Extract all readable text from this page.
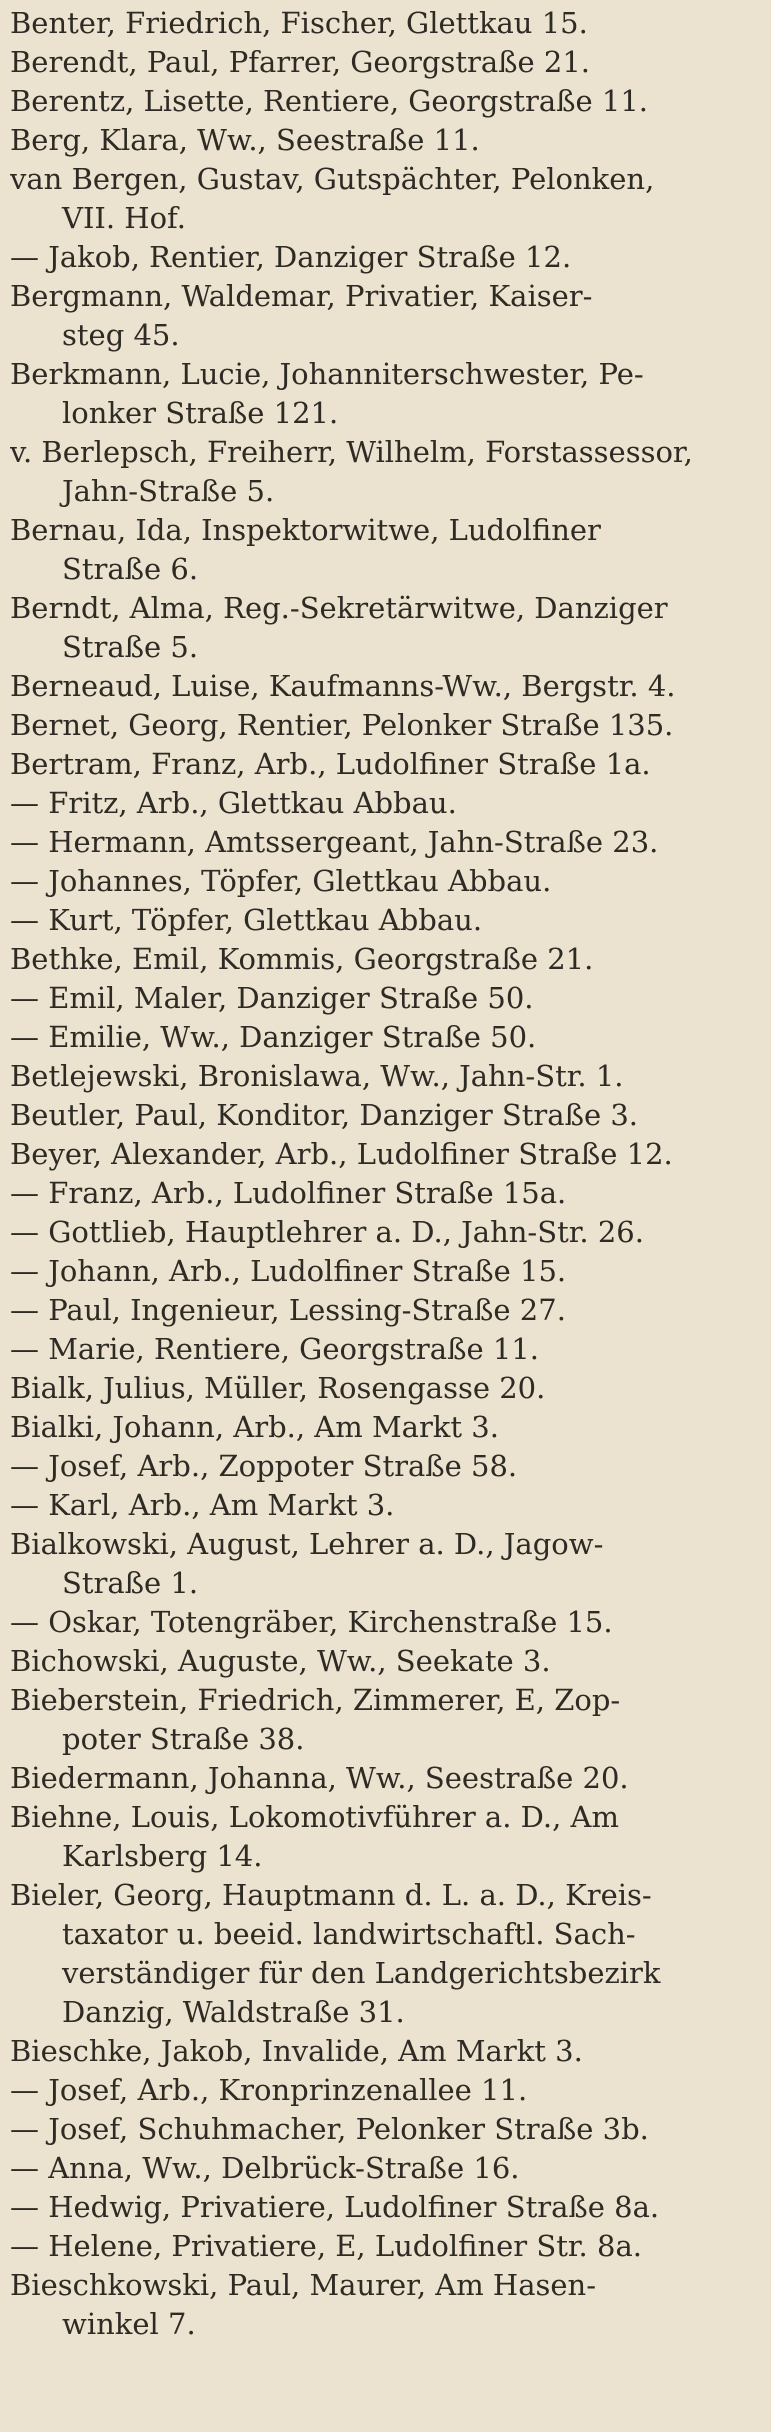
Benter, Friedrich, Fischer, Glettkau 15.

Berendt, Paul, Pfarrer, Georgstraße 21.

Berentz, Lisette, Rentiere, Georgstraße 11.

Berg, Klara, Ww., Seestraße 11.

van Bergen, Gustav, Gutspächter, Pelonken,

VII. Hof.

— Jakob, Rentier, Danziger Straße 12.

Bergmann, Waldemar, Privatier, Kaiser-

steg 45.

Berkmann, Lucie, Johanniterschwester, Pe-

lonker Straße 121.

v. Berlepsch, Freiherr, Wilhelm, Forstassessor,

Jahn-Straße 5.

Bernau, Ida, Inspektorwitwe, Ludolfiner

Straße 6.

Berndt, Alma, Reg.-Sekretärwitwe, Danziger

Straße 5.

Berneaud, Luise, Kaufmanns-Ww., Bergstr. 4.

Bernet, Georg, Rentier, Pelonker Straße 135.

Bertram, Franz, Arb., Ludolfiner Straße 1a.

— Fritz, Arb., Glettkau Abbau.

— Hermann, Amtssergeant, Jahn-Straße 23.

— Johannes, Töpfer, Glettkau Abbau.

— Kurt, Töpfer, Glettkau Abbau.

Bethke, Emil, Kommis, Georgstraße 21.

— Emil, Maler, Danziger Straße 50.

— Emilie, Ww., Danziger Straße 50.

Betlejewski, Bronislawa, Ww., Jahn-Str. 1.

Beutler, Paul, Konditor, Danziger Straße 3.

Beyer, Alexander, Arb., Ludolfiner Straße 12.

— Franz, Arb., Ludolfiner Straße 15a.

— Gottlieb, Hauptlehrer a. D., Jahn-Str. 26.

— Johann, Arb., Ludolfiner Straße 15.

— Paul, Ingenieur, Lessing-Straße 27.

— Marie, Rentiere, Georgstraße 11.

Bialk, Julius, Müller, Rosengasse 20.

Bialki, Johann, Arb., Am Markt 3.

— Josef, Arb., Zoppoter Straße 58.

— Karl, Arb., Am Markt 3.

Bialkowski, August, Lehrer a. D., Jagow-

Straße 1.

— Oskar, Totengräber, Kirchenstraße 15.

Bichowski, Auguste, Ww., Seekate 3.

Bieberstein, Friedrich, Zimmerer, E, Zop-

poter Straße 38.

Biedermann, Johanna, Ww., Seestraße 20.

Biehne, Louis, Lokomotivführer a. D., Am

Karlsberg 14.

Bieler, Georg, Hauptmann d. L. a. D., Kreis-

taxator u. beeid. landwirtschaftl. Sach-

verständiger für den Landgerichtsbezirk

Danzig, Waldstraße 31.

Bieschke, Jakob, Invalide, Am Markt 3.

— Josef, Arb., Kronprinzenallee 11.

— Josef, Schuhmacher, Pelonker Straße 3b.

— Anna, Ww., Delbrück-Straße 16.

— Hedwig, Privatiere, Ludolfiner Straße 8a.

— Helene, Privatiere, E, Ludolfiner Str. 8a.

Bieschkowski, Paul, Maurer, Am Hasen-

winkel 7.
